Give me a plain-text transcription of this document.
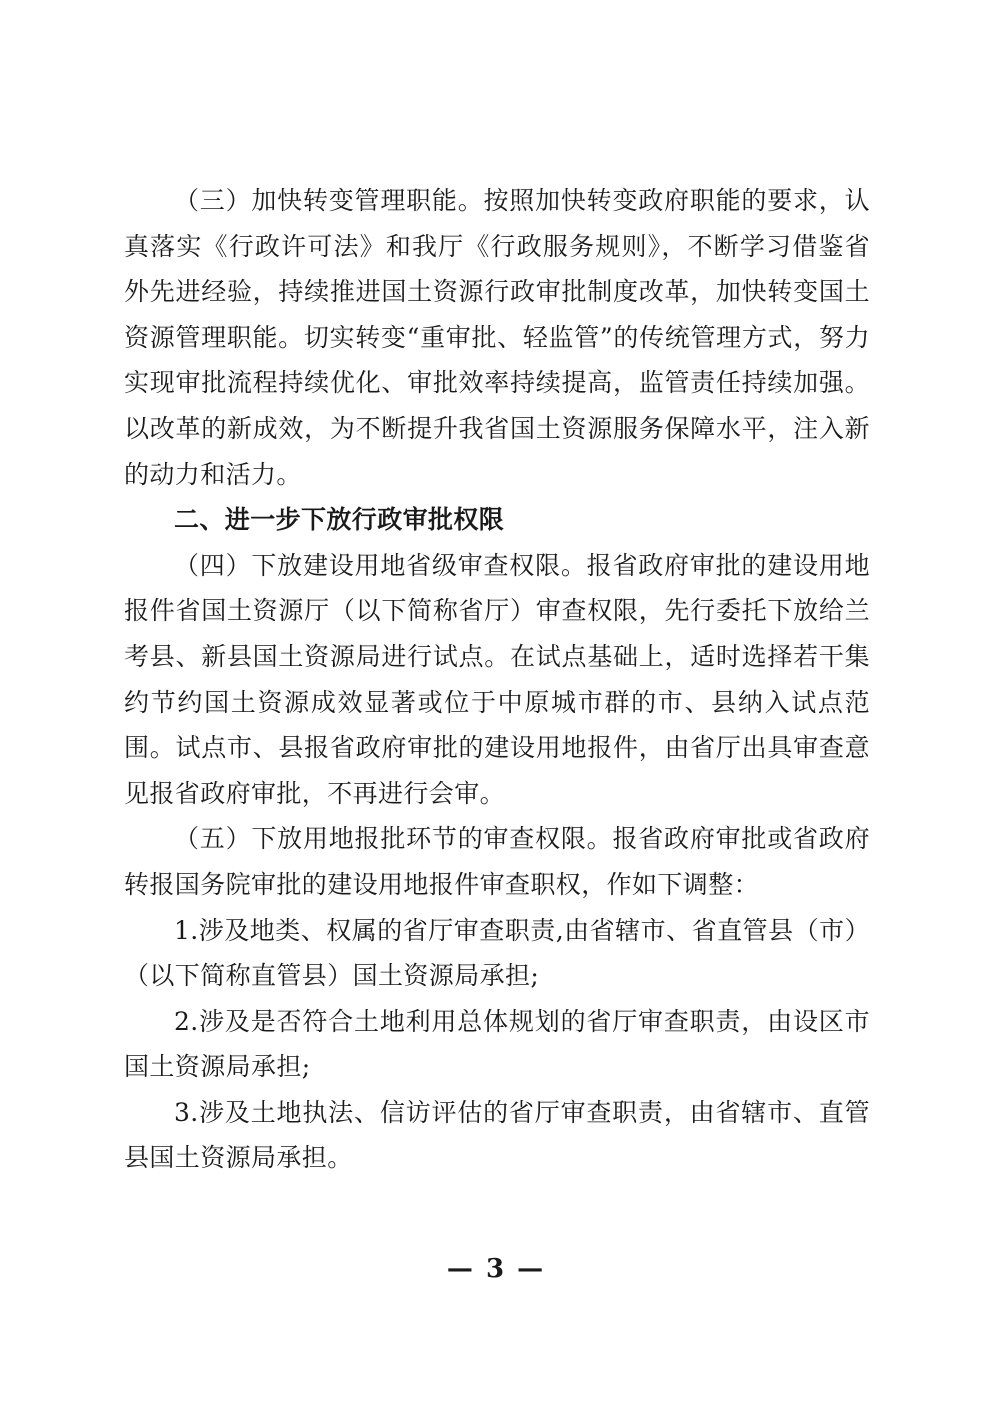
（三）加快转变管理职能。按照加快转变政府职能的要求，认真落实《行政许可法》和我厅《行政服务规则》，不断学习借鉴省外先进经验，持续推进国土资源行政审批制度改革，加快转变国土资源管理职能。切实转变“重审批、轻监管”的传统管理方式，努力实现审批流程持续优化、审批效率持续提高，监管责任持续加强。以改革的新成效，为不断提升我省国土资源服务保障水平，注入新的动力和活力。

二、进一步下放行政审批权限

（四）下放建设用地省级审查权限。报省政府审批的建设用地报件省国土资源厅（以下简称省厅）审查权限，先行委托下放给兰考县、新县国土资源局进行试点。在试点基础上，适时选择若干集约节约国土资源成效显著或位于中原城市群的市、县纳入试点范围。试点市、县报省政府审批的建设用地报件，由省厅出具审查意见报省政府审批，不再进行会审。

（五）下放用地报批环节的审查权限。报省政府审批或省政府转报国务院审批的建设用地报件审查职权，作如下调整：

1.涉及地类、权属的省厅审查职责,由省辖市、省直管县（市）（以下简称直管县）国土资源局承担;

2.涉及是否符合土地利用总体规划的省厅审查职责，由设区市国土资源局承担;

3.涉及土地执法、信访评估的省厅审查职责，由省辖市、直管县国土资源局承担。

— 3 —
